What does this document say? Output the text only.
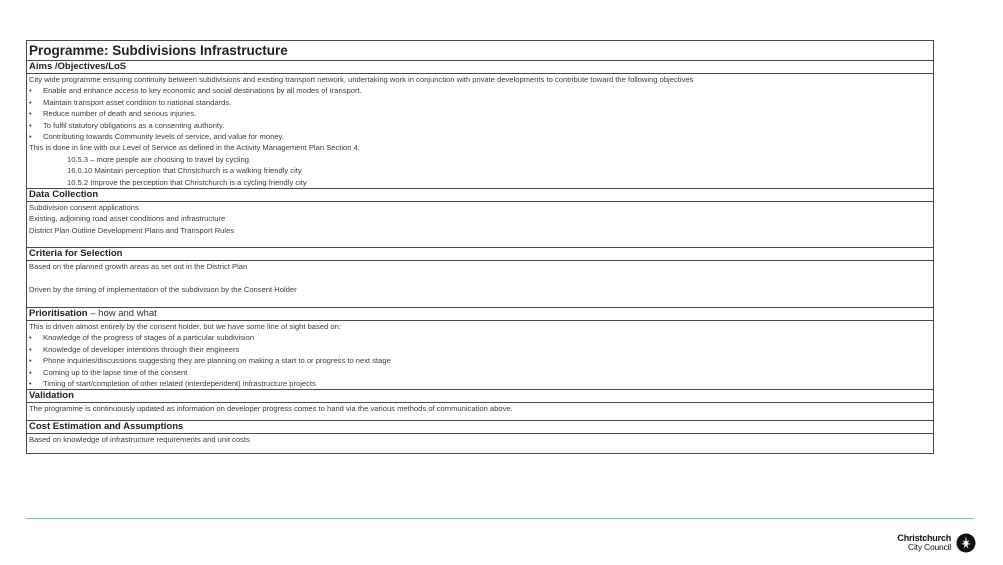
Programme: Subdivisions Infrastructure
Aims /Objectives/LoS
City wide programme ensuring continuity between subdivisions and existing transport network, undertaking work in conjunction with private developments to contribute toward the following objectives
• Enable and enhance access to key economic and social destinations by all modes of transport.
• Maintain transport asset condition to national standards.
• Reduce number of death and serious injuries.
• To fulfil statutory obligations as a consenting authority.
• Contributing towards Community levels of service, and value for money.
This is done in line with our Level of Service as defined in the Activity Management Plan Section 4:
10.5.3 – more people are choosing to travel by cycling
16.0.10 Maintain perception that Christchurch is a walking friendly city
10.5.2 Improve the perception that Christchurch is a cycling friendly city
Data Collection
Subdivision consent applications
Existing, adjoining road asset conditions and infrastructure
District Plan Outline Development Plans and Transport Rules
Criteria for Selection
Based on the planned growth areas as set out in the District Plan
Driven by the timing of implementation of the subdivision by the Consent Holder
Prioritisation – how and what
This is driven almost entirely by the consent holder, but we have some line of sight based on:
• Knowledge of the progress of stages of a particular subdivision
• Knowledge of developer intentions through their engineers
• Phone inquiries/discussions suggesting they are planning on making a start to or progress to next stage
• Coming up to the lapse time of the consent
• Timing of start/completion of other related (interdependent) infrastructure projects
Validation
The programme is continuously updated as information on developer progress comes to hand via the various methods of communication above.
Cost Estimation and Assumptions
Based on knowledge of infrastructure requirements and unit costs
Christchurch
City Council
